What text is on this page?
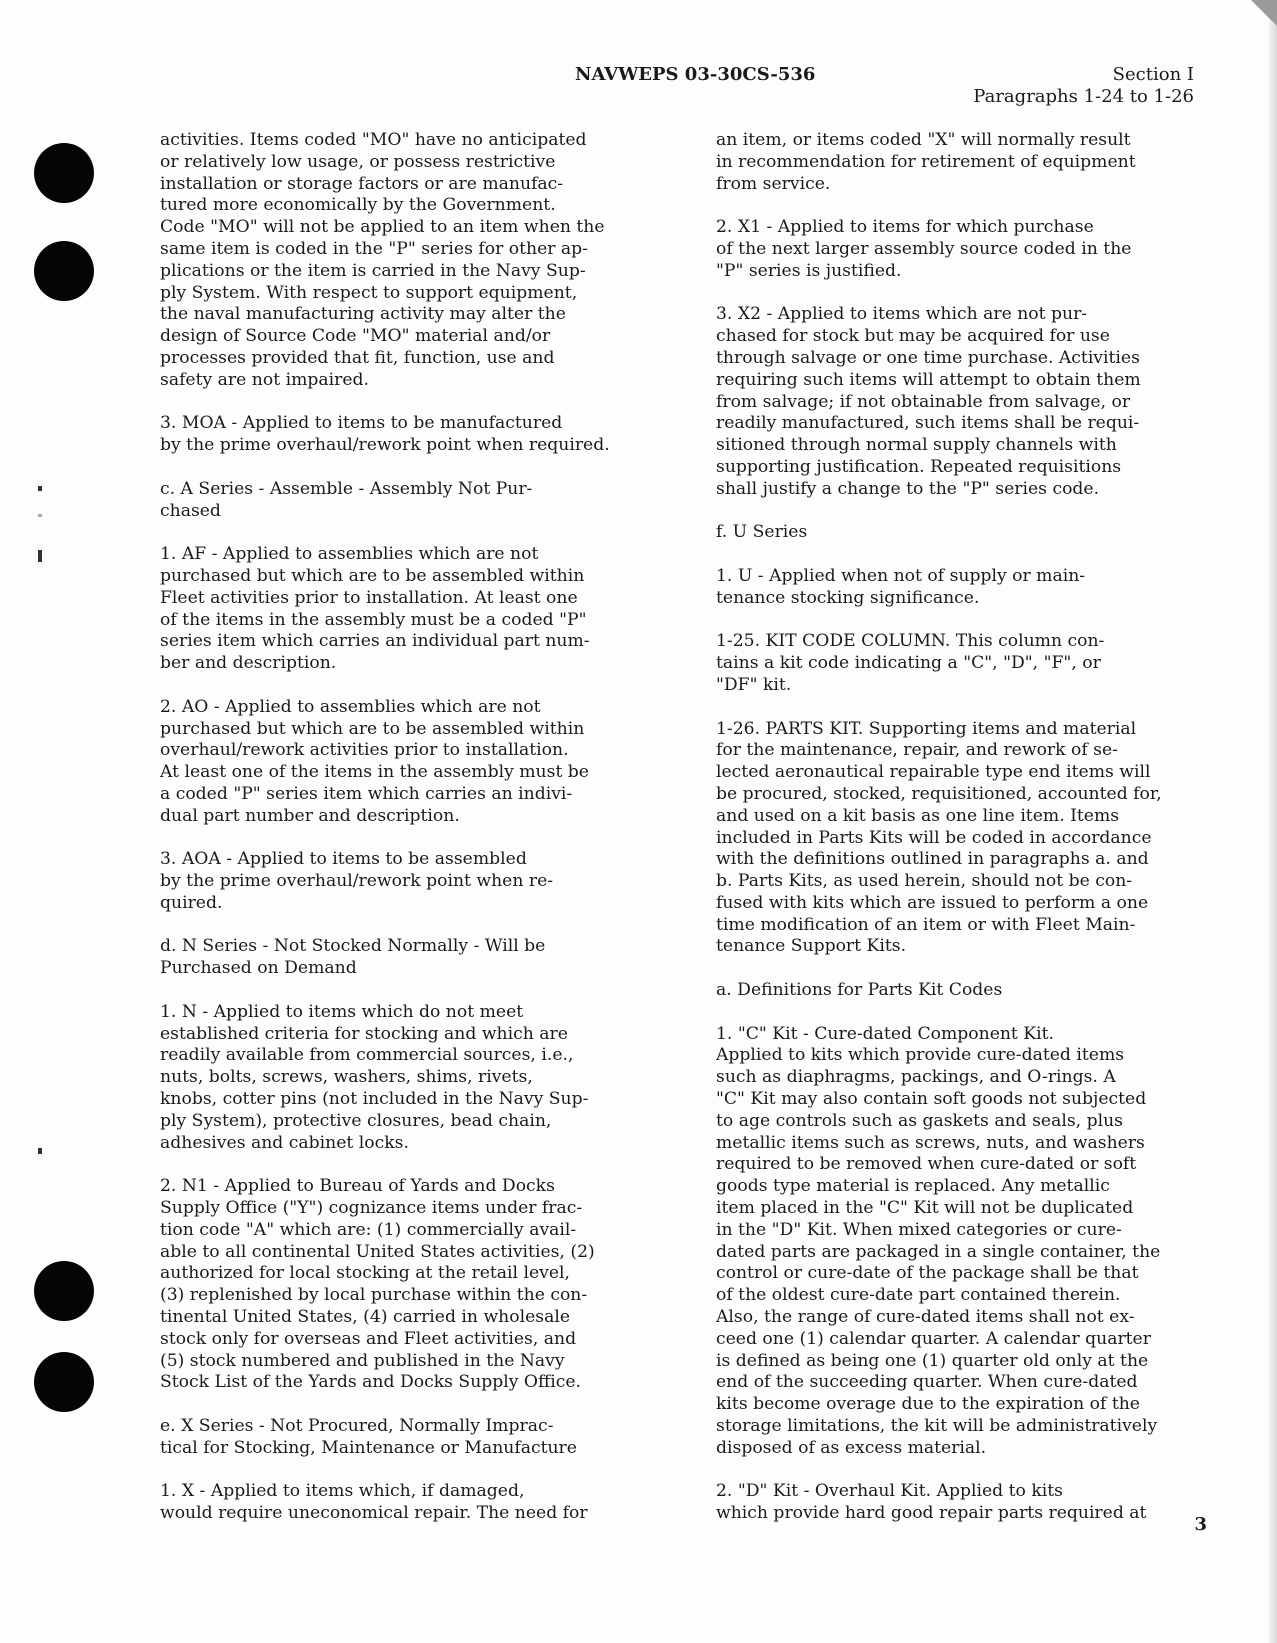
NAVWEPS 03-30CS-536	Section I
Paragraphs 1-24 to 1-26

activities. Items coded "MO" have no anticipated
or relatively low usage, or possess restrictive
installation or storage factors or are manufac-
tured more economically by the Government.
Code "MO" will not be applied to an item when the
same item is coded in the "P" series for other ap-
plications or the item is carried in the Navy Sup-
ply System. With respect to support equipment,
the naval manufacturing activity may alter the
design of Source Code "MO" material and/or
processes provided that fit, function, use and
safety are not impaired.

3. MOA - Applied to items to be manufactured
by the prime overhaul/rework point when required.

c. A Series - Assemble - Assembly Not Pur-
chased

1. AF - Applied to assemblies which are not
purchased but which are to be assembled within
Fleet activities prior to installation. At least one
of the items in the assembly must be a coded "P"
series item which carries an individual part num-
ber and description.

2. AO - Applied to assemblies which are not
purchased but which are to be assembled within
overhaul/rework activities prior to installation.
At least one of the items in the assembly must be
a coded "P" series item which carries an indivi-
dual part number and description.

3. AOA - Applied to items to be assembled
by the prime overhaul/rework point when re-
quired.

d. N Series - Not Stocked Normally - Will be
Purchased on Demand

1. N - Applied to items which do not meet
established criteria for stocking and which are
readily available from commercial sources, i.e.,
nuts, bolts, screws, washers, shims, rivets,
knobs, cotter pins (not included in the Navy Sup-
ply System), protective closures, bead chain,
adhesives and cabinet locks.

2. N1 - Applied to Bureau of Yards and Docks
Supply Office ("Y") cognizance items under frac-
tion code "A" which are: (1) commercially avail-
able to all continental United States activities, (2)
authorized for local stocking at the retail level,
(3) replenished by local purchase within the con-
tinental United States, (4) carried in wholesale
stock only for overseas and Fleet activities, and
(5) stock numbered and published in the Navy
Stock List of the Yards and Docks Supply Office.

e. X Series - Not Procured, Normally Imprac-
tical for Stocking, Maintenance or Manufacture

1. X - Applied to items which, if damaged,
would require uneconomical repair. The need for

an item, or items coded "X" will normally result
in recommendation for retirement of equipment
from service.

2. X1 - Applied to items for which purchase
of the next larger assembly source coded in the
"P" series is justified.

3. X2 - Applied to items which are not pur-
chased for stock but may be acquired for use
through salvage or one time purchase. Activities
requiring such items will attempt to obtain them
from salvage; if not obtainable from salvage, or
readily manufactured, such items shall be requi-
sitioned through normal supply channels with
supporting justification. Repeated requisitions
shall justify a change to the "P" series code.

f. U Series

1. U - Applied when not of supply or main-
tenance stocking significance.

1-25. KIT CODE COLUMN. This column con-
tains a kit code indicating a "C", "D", "F", or
"DF" kit.

1-26. PARTS KIT. Supporting items and material
for the maintenance, repair, and rework of se-
lected aeronautical repairable type end items will
be procured, stocked, requisitioned, accounted for,
and used on a kit basis as one line item. Items
included in Parts Kits will be coded in accordance
with the definitions outlined in paragraphs a. and
b. Parts Kits, as used herein, should not be con-
fused with kits which are issued to perform a one
time modification of an item or with Fleet Main-
tenance Support Kits.

a. Definitions for Parts Kit Codes

1. "C" Kit - Cure-dated Component Kit.
Applied to kits which provide cure-dated items
such as diaphragms, packings, and O-rings. A
"C" Kit may also contain soft goods not subjected
to age controls such as gaskets and seals, plus
metallic items such as screws, nuts, and washers
required to be removed when cure-dated or soft
goods type material is replaced. Any metallic
item placed in the "C" Kit will not be duplicated
in the "D" Kit. When mixed categories or cure-
dated parts are packaged in a single container, the
control or cure-date of the package shall be that
of the oldest cure-date part contained therein.
Also, the range of cure-dated items shall not ex-
ceed one (1) calendar quarter. A calendar quarter
is defined as being one (1) quarter old only at the
end of the succeeding quarter. When cure-dated
kits become overage due to the expiration of the
storage limitations, the kit will be administratively
disposed of as excess material.

2. "D" Kit - Overhaul Kit. Applied to kits
which provide hard good repair parts required at

3
